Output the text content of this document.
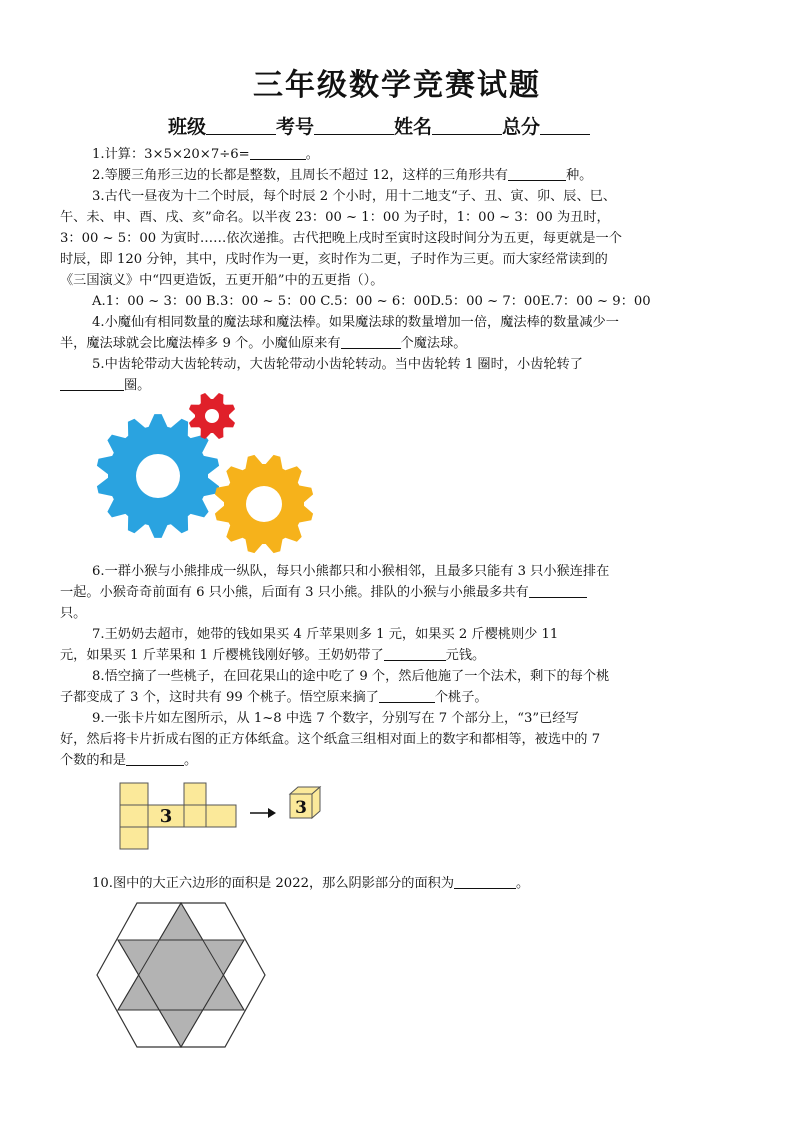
三年级数学竞赛试题
班级	考号	姓名	总分

1.计算：3×5×20×7÷6=	。

2.等腰三角形三边的长都是整数，且周长不超过 12，这样的三角形共有	种。

3.古代一昼夜为十二个时辰，每个时辰 2 个小时，用十二地支“子、丑、寅、卯、辰、巳、

午、未、申、酉、戌、亥”命名。以半夜 23：00 ~ 1：00 为子时，1：00 ~ 3：00 为丑时，

3：00 ~ 5：00 为寅时……依次递推。古代把晚上戌时至寅时这段时间分为五更，每更就是一个

时辰，即 120 分钟，其中，戌时作为一更，亥时作为二更，子时作为三更。而大家经常读到的

《三国演义》中“四更造饭，五更开船”中的五更指（）。

A.1：00 ~ 3：00 B.3：00 ~ 5：00 C.5：00 ~ 6：00D.5：00 ~ 7：00E.7：00 ~ 9：00

4.小魔仙有相同数量的魔法球和魔法棒。如果魔法球的数量增加一倍，魔法棒的数量减少一

半，魔法球就会比魔法棒多 9 个。小魔仙原来有	个魔法球。

5.中齿轮带动大齿轮转动，大齿轮带动小齿轮转动。当中齿轮转 1 圈时，小齿轮转了

圈。

6.一群小猴与小熊排成一纵队，每只小熊都只和小猴相邻，且最多只能有 3 只小猴连排在

一起。小猴奇奇前面有 6 只小熊，后面有 3 只小熊。排队的小猴与小熊最多共有

只。

7.王奶奶去超市，她带的钱如果买 4 斤苹果则多 1 元，如果买 2 斤樱桃则少 11

元，如果买 1 斤苹果和 1 斤樱桃钱刚好够。王奶奶带了	元钱。

8.悟空摘了一些桃子，在回花果山的途中吃了 9 个，然后他施了一个法术，剩下的每个桃

子都变成了 3 个，这时共有 99 个桃子。悟空原来摘了	个桃子。

9.一张卡片如左图所示，从 1~8 中选 7 个数字，分别写在 7 个部分上，“3”已经写

好，然后将卡片折成右图的正方体纸盒。这个纸盒三组相对面上的数字和都相等，被选中的 7

个数的和是	。

3	3

10.图中的大正六边形的面积是 2022，那么阴影部分的面积为	。
